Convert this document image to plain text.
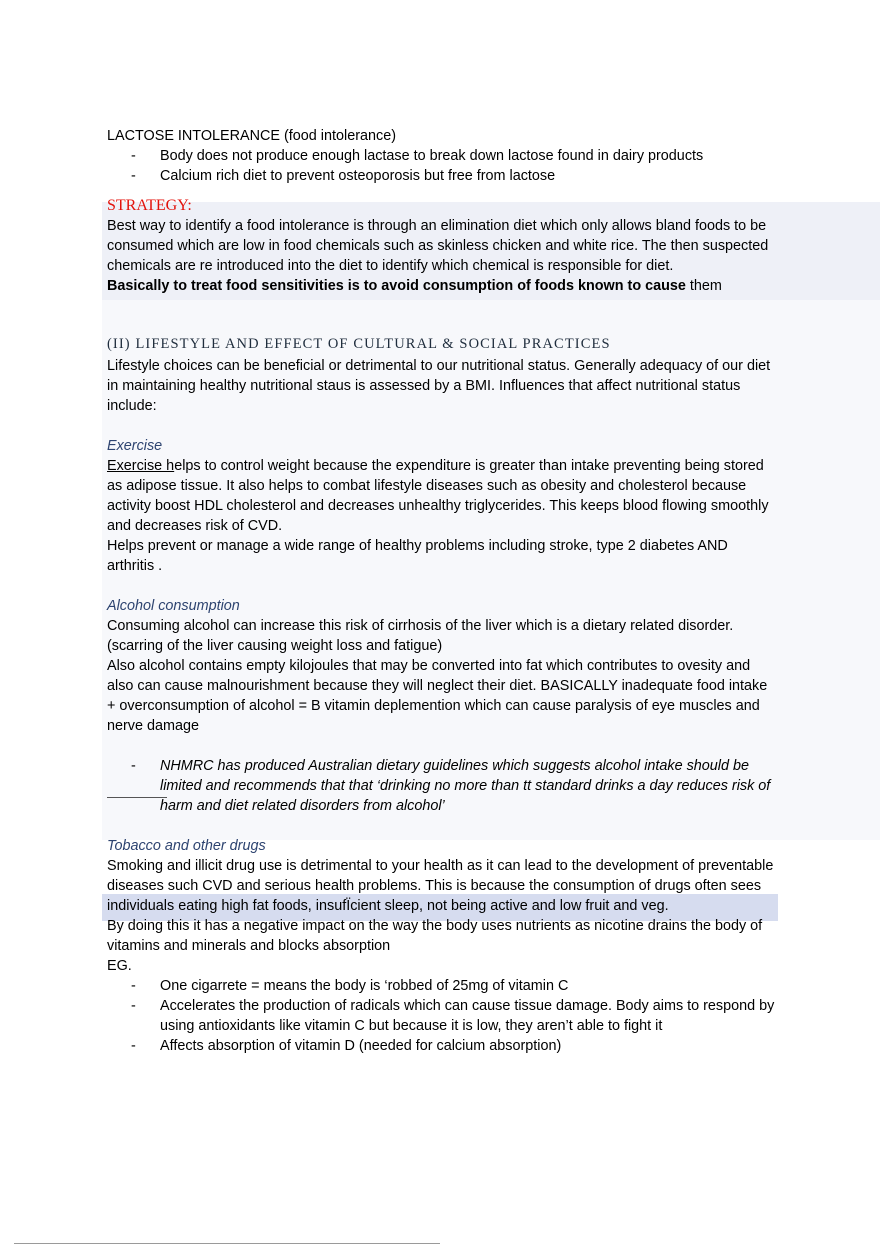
LACTOSE INTOLERANCE (food intolerance)

- Body does not produce enough lactase to break down lactose found in dairy products
- Calcium rich diet to prevent osteoporosis but free from lactose

STRATEGY:

Best way to identify a food intolerance is through an elimination diet which only allows bland foods to be consumed which are low in food chemicals such as skinless chicken and white rice. The then suspected chemicals are re introduced into the diet to identify which chemical is responsible for diet.
Basically to treat food sensitivities is to avoid consumption of foods known to cause them

(II) LIFESTYLE AND EFFECT OF CULTURAL & SOCIAL PRACTICES

Lifestyle choices can be beneficial or detrimental to our nutritional status. Generally adequacy of our diet in maintaining healthy nutritional staus is assessed by a BMI. Influences that affect nutritional status include:

Exercise

Exercise helps to control weight because the expenditure is greater than intake preventing being stored as adipose tissue. It also helps to combat lifestyle diseases such as obesity and cholesterol because activity boost HDL cholesterol and decreases unhealthy triglycerides. This keeps blood flowing smoothly and decreases risk of CVD.

Helps prevent or manage a wide range of healthy problems including stroke, type 2 diabetes AND arthritis .

Alcohol consumption

Consuming alcohol can increase this risk of cirrhosis of the liver which is a dietary related disorder. (scarring of the liver causing weight loss and fatigue)

Also alcohol contains empty kilojoules that may be converted into fat which contributes to ovesity and also can cause malnourishment because they will neglect their diet. BASICALLY inadequate food intake + overconsumption of alcohol = B vitamin deplemention which can cause paralysis of eye muscles and nerve damage

- NHMRC has produced Australian dietary guidelines which suggests alcohol intake should be limited and recommends that that ‘drinking no more than tt standard drinks a day reduces risk of harm and diet related disorders from alcohol’

Tobacco and other drugs

Smoking and illicit drug use is detrimental to your health as it can lead to the development of preventable diseases such CVD and serious health problems. This is because the consumption of drugs often sees individuals eating high fat foods, insufÏcient sleep, not being active and low fruit and veg.

By doing this it has a negative impact on the way the body uses nutrients as nicotine drains the body of vitamins and minerals and blocks absorption

EG.

- One cigarrete = means the body is ‘robbed of 25mg of vitamin C
- Accelerates the production of radicals which can cause tissue damage. Body aims to respond by using antioxidants like vitamin C but because it is low, they aren’t able to fight it
- Affects absorption of vitamin D (needed for calcium absorption)
